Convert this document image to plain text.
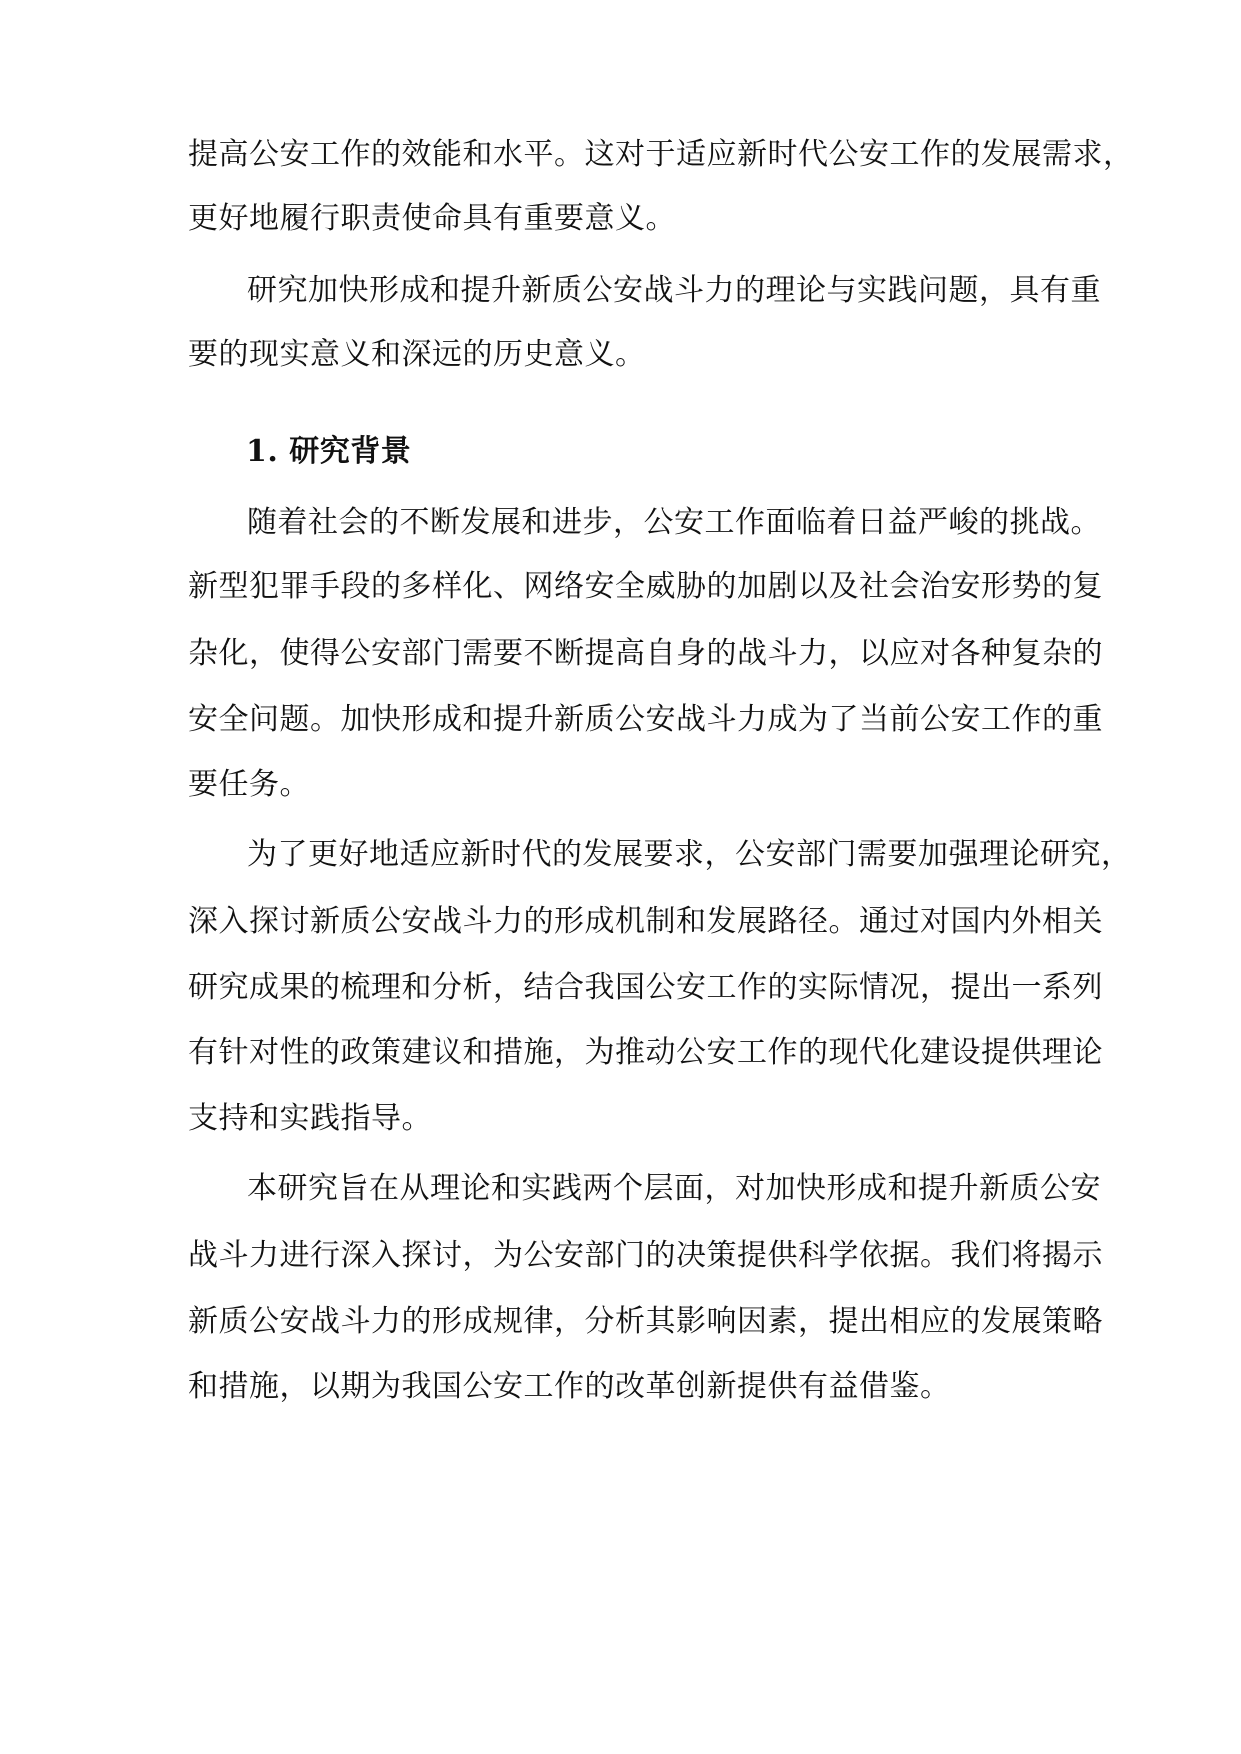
提高公安工作的效能和水平。这对于适应新时代公安工作的发展需求，
更好地履行职责使命具有重要意义。
研究加快形成和提升新质公安战斗力的理论与实践问题，具有重
要的现实意义和深远的历史意义。
1. 研究背景
随着社会的不断发展和进步，公安工作面临着日益严峻的挑战。
新型犯罪手段的多样化、网络安全威胁的加剧以及社会治安形势的复
杂化，使得公安部门需要不断提高自身的战斗力，以应对各种复杂的
安全问题。加快形成和提升新质公安战斗力成为了当前公安工作的重
要任务。
为了更好地适应新时代的发展要求，公安部门需要加强理论研究，
深入探讨新质公安战斗力的形成机制和发展路径。通过对国内外相关
研究成果的梳理和分析，结合我国公安工作的实际情况，提出一系列
有针对性的政策建议和措施，为推动公安工作的现代化建设提供理论
支持和实践指导。
本研究旨在从理论和实践两个层面，对加快形成和提升新质公安
战斗力进行深入探讨，为公安部门的决策提供科学依据。我们将揭示
新质公安战斗力的形成规律，分析其影响因素，提出相应的发展策略
和措施，以期为我国公安工作的改革创新提供有益借鉴。
